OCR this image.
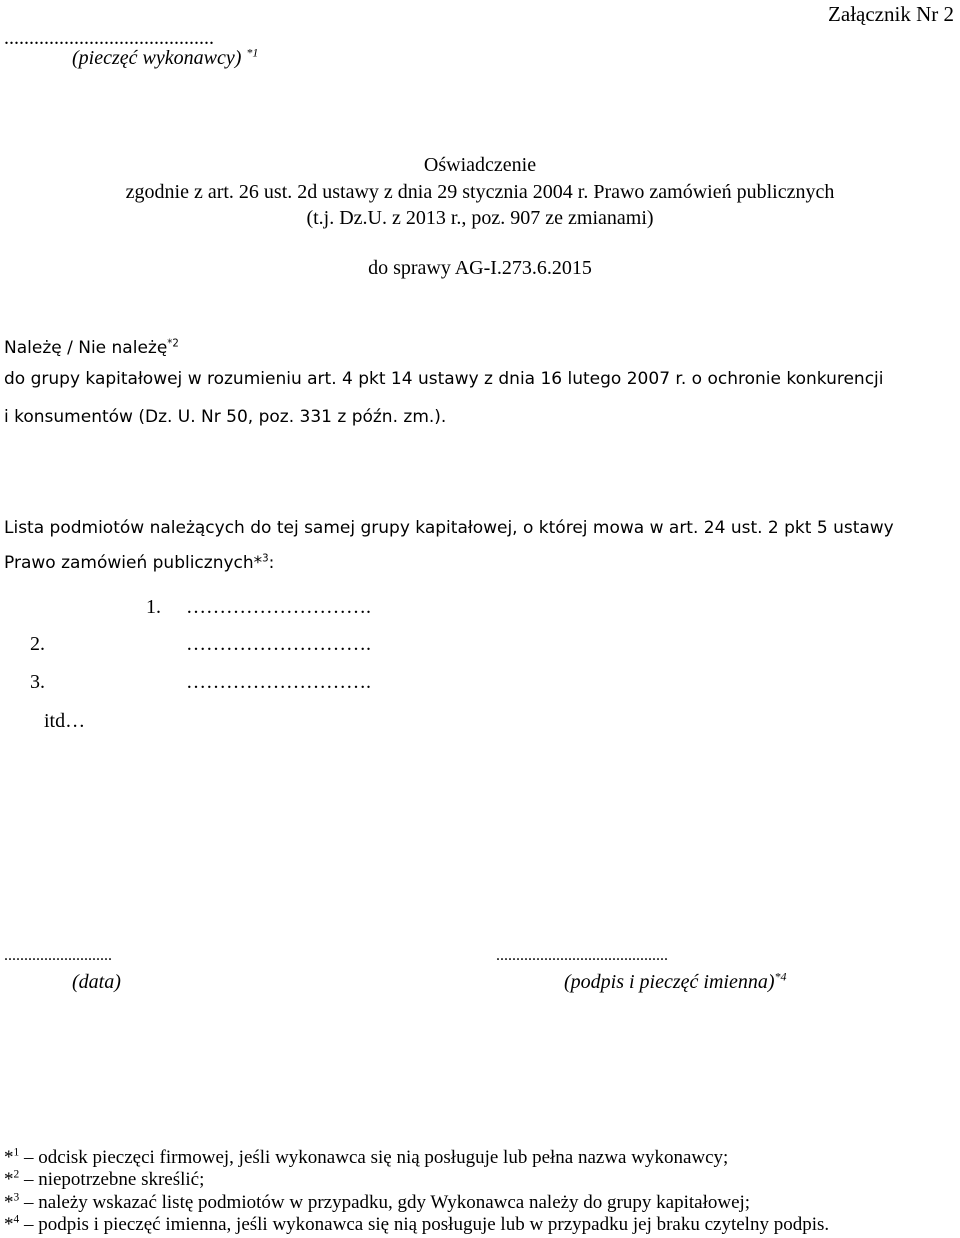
Załącznik Nr 2
..........................................
(pieczęć wykonawcy) $^{*1}$
Oświadczenie
zgodnie z art. 26 ust. 2d ustawy z dnia 29 stycznia 2004 r. Prawo zamówień publicznych
(t.j. Dz.U. z 2013 r., poz. 907 ze zmianami)
do sprawy AG-I.273.6.2015
Należę / Nie należę$^{*2}$
do grupy kapitałowej w rozumieniu art. 4 pkt 14 ustawy z dnia 16 lutego 2007 r. o ochronie konkurencji
i konsumentów (Dz. U. Nr 50, poz. 331 z późn. zm.).
Lista podmiotów należących do tej samej grupy kapitałowej, o której mowa w art. 24 ust. 2 pkt 5 ustawy
Prawo zamówień publicznych*$^3$:
1. ……………………….
2.	……………………….
3.	……………………….
itd…
...........................	...........................................
(data)	(podpis i pieczęć imienna)$^{*4}$
*$^1$ – odcisk pieczęci firmowej, jeśli wykonawca się nią posługuje lub pełna nazwa wykonawcy;
*$^2$ – niepotrzebne skreślić;
*$^3$ – należy wskazać listę podmiotów w przypadku, gdy Wykonawca należy do grupy kapitałowej;
*$^4$ – podpis i pieczęć imienna, jeśli wykonawca się nią posługuje lub w przypadku jej braku czytelny podpis.
